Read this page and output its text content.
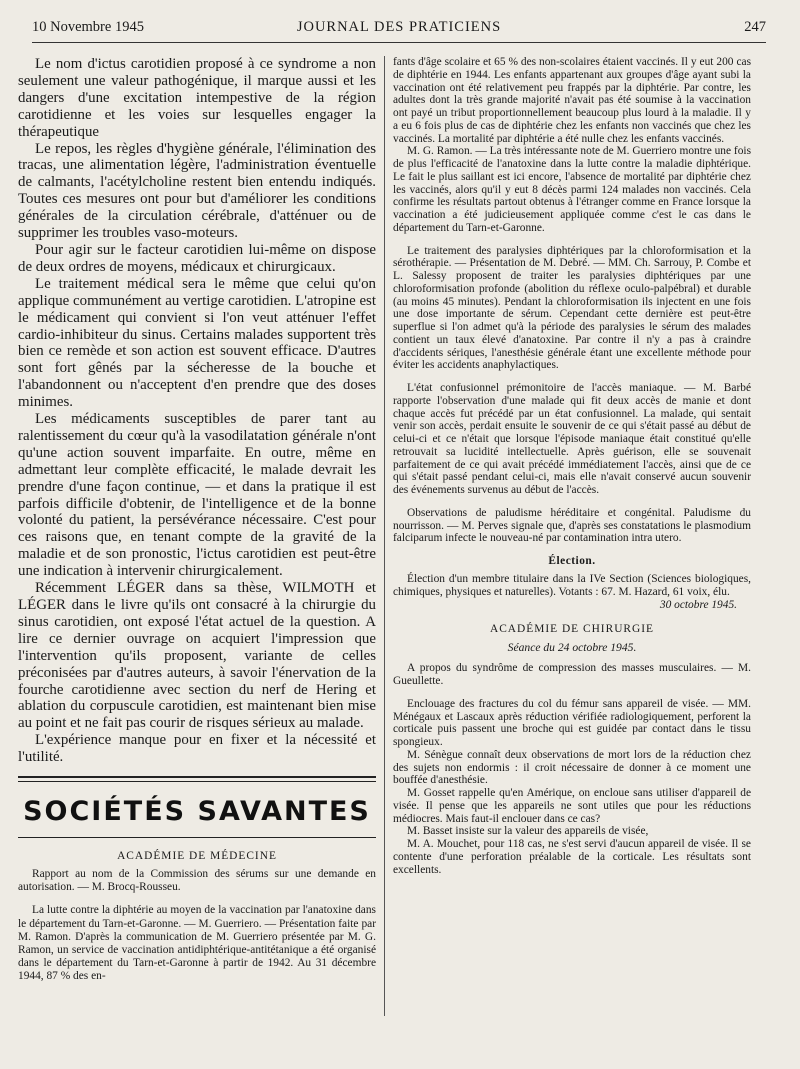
10 Novembre 1945	JOURNAL DES PRATICIENS	247

Le nom d'ictus carotidien proposé à ce syndrome a non seulement une valeur pathogénique, il marque aussi et les dangers d'une excitation intempestive de la région carotidienne et les voies sur lesquelles engager la thérapeutique

Le repos, les règles d'hygiène générale, l'élimination des tracas, une alimentation légère, l'administration éventuelle de calmants, l'acétylcholine restent bien entendu indiqués. Toutes ces mesures ont pour but d'améliorer les conditions générales de la circulation cérébrale, d'atténuer ou de supprimer les troubles vaso-moteurs.

Pour agir sur le facteur carotidien lui-même on dispose de deux ordres de moyens, médicaux et chirurgicaux.

Le traitement médical sera le même que celui qu'on applique communément au vertige carotidien. L'atropine est le médicament qui convient si l'on veut atténuer l'effet cardio-inhibiteur du sinus. Certains malades supportent très bien ce remède et son action est souvent efficace. D'autres sont fort gênés par la sécheresse de la bouche et l'abandonnent ou n'acceptent d'en prendre que des doses minimes.

Les médicaments susceptibles de parer tant au ralentissement du cœur qu'à la vasodilatation générale n'ont qu'une action souvent imparfaite. En outre, même en admettant leur complète efficacité, le malade devrait les prendre d'une façon continue, — et dans la pratique il est parfois difficile d'obtenir, de l'intelligence et de la bonne volonté du patient, la persévérance nécessaire. C'est pour ces raisons que, en tenant compte de la gravité de la maladie et de son pronostic, l'ictus carotidien est peut-être une indication à intervenir chirurgicalement.

Récemment LÉGER dans sa thèse, WILMOTH et LÉGER dans le livre qu'ils ont consacré à la chirurgie du sinus carotidien, ont exposé l'état actuel de la question. A lire ce dernier ouvrage on acquiert l'impression que l'intervention qu'ils proposent, variante de celles préconisées par d'autres auteurs, à savoir l'énervation de la fourche carotidienne avec section du nerf de Hering et ablation du corpuscule carotidien, est maintenant bien mise au point et ne fait pas courir de risques sérieux au malade.

L'expérience manque pour en fixer et la nécessité et l'utilité.

SOCIÉTÉS SAVANTES
ACADÉMIE DE MÉDECINE

Rapport au nom de la Commission des sérums sur une demande en autorisation. — M. Brocq-Rousseu.

La lutte contre la diphtérie au moyen de la vaccination par l'anatoxine dans le département du Tarn-et-Garonne. — M. Guerriero. — Présentation faite par M. Ramon. D'après la communication de M. Guerriero présentée par M. G. Ramon, un service de vaccination antidiphtérique-antitétanique a été organisé dans le département du Tarn-et-Garonne à partir de 1942. Au 31 décembre 1944, 87 % des en-

fants d'âge scolaire et 65 % des non-scolaires étaient vaccinés. Il y eut 200 cas de diphtérie en 1944. Les enfants appartenant aux groupes d'âge ayant subi la vaccination ont été relativement peu frappés par la diphtérie. Par contre, les adultes dont la très grande majorité n'avait pas été soumise à la vaccination ont payé un tribut proportionnellement beaucoup plus lourd à la maladie. Il y a eu 6 fois plus de cas de diphtérie chez les enfants non vaccinés que chez les vaccinés. La mortalité par diphtérie a été nulle chez les enfants vaccinés.

M. G. Ramon. — La très intéressante note de M. Guerriero montre une fois de plus l'efficacité de l'anatoxine dans la lutte contre la maladie diphtérique. Le fait le plus saillant est ici encore, l'absence de mortalité par diphtérie chez les vaccinés, alors qu'il y eut 8 décès parmi 124 malades non vaccinés. Cela confirme les résultats partout obtenus à l'étranger comme en France lorsque la vaccination a été judicieusement appliquée comme c'est le cas dans le département du Tarn-et-Garonne.

Le traitement des paralysies diphtériques par la chloroformisation et la sérothérapie. — Présentation de M. Debré. — MM. Ch. Sarrouy, P. Combe et L. Salessy proposent de traiter les paralysies diphtériques par une chloroformisation profonde (abolition du réflexe oculo-palpébral) et durable (au moins 45 minutes). Pendant la chloroformisation ils injectent en une fois une dose importante de sérum. Cependant cette dernière est peut-être superflue si l'on admet qu'à la période des paralysies le sérum des malades contient un taux élevé d'anatoxine. Par contre il n'y a pas à craindre d'accidents sériques, l'anesthésie générale étant une excellente méthode pour éviter les accidents anaphylactiques.

L'état confusionnel prémonitoire de l'accès maniaque. — M. Barbé rapporte l'observation d'une malade qui fit deux accès de manie et dont chaque accès fut précédé par un état confusionnel. La malade, qui sentait venir son accès, perdait ensuite le souvenir de ce qui s'était passé au début de celui-ci et ce n'était que lorsque l'épisode maniaque était constitué qu'elle retrouvait sa lucidité intellectuelle. Après guérison, elle se souvenait parfaitement de ce qui avait précédé immédiatement l'accès, ainsi que de ce qui s'était passé pendant celui-ci, mais elle n'avait conservé aucun souvenir des événements survenus au début de l'accès.

Observations de paludisme héréditaire et congénital. Paludisme du nourrisson. — M. Perves signale que, d'après ses constatations le plasmodium falciparum infecte le nouveau-né par contamination intra utero.

Élection.

Élection d'un membre titulaire dans la IVe Section (Sciences biologiques, chimiques, physiques et naturelles). Votants : 67. M. Hazard, 61 voix, élu.

30 octobre 1945.

ACADÉMIE DE CHIRURGIE
Séance du 24 octobre 1945.

A propos du syndrôme de compression des masses musculaires. — M. Gueullette.

Enclouage des fractures du col du fémur sans appareil de visée. — MM. Ménégaux et Lascaux après réduction vérifiée radiologiquement, perforent la corticale puis passent une broche qui est guidée par contact dans le tissu spongieux.

M. Sénègue connaît deux observations de mort lors de la réduction chez des sujets non endormis : il croit nécessaire de donner à ce moment une bouffée d'anesthésie.

M. Gosset rappelle qu'en Amérique, on encloue sans utiliser d'appareil de visée. Il pense que les appareils ne sont utiles que pour les réductions médiocres. Mais faut-il enclouer dans ce cas?

M. Basset insiste sur la valeur des appareils de visée,

M. A. Mouchet, pour 118 cas, ne s'est servi d'aucun appareil de visée. Il se contente d'une perforation préalable de la corticale. Les résultats sont excellents.
